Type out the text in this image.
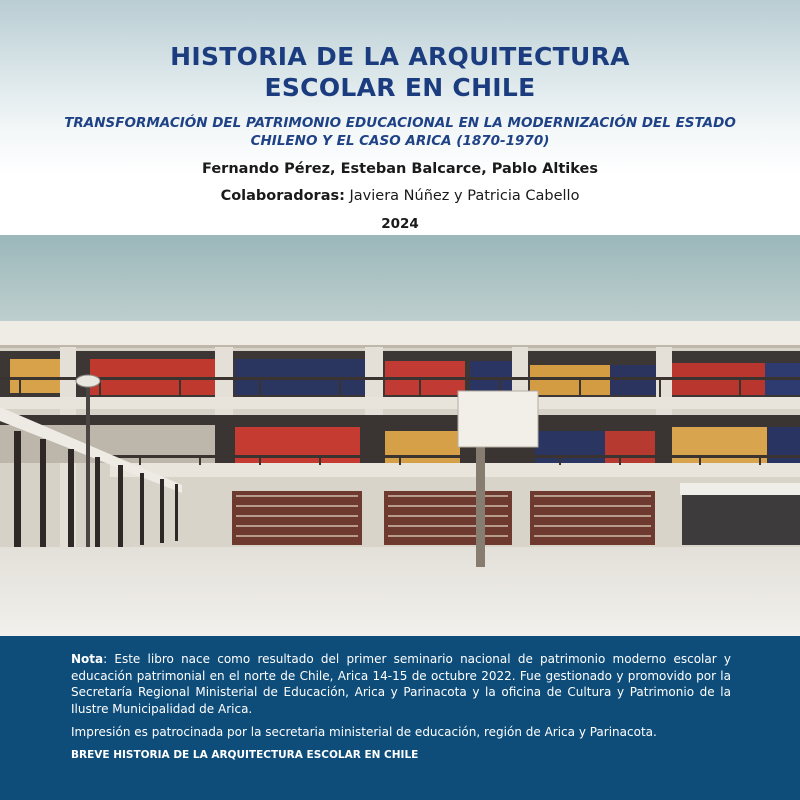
HISTORIA DE LA ARQUITECTURA
ESCOLAR EN CHILE
TRANSFORMACIÓN DEL PATRIMONIO EDUCACIONAL EN LA MODERNIZACIÓN DEL ESTADO
CHILENO Y EL CASO ARICA (1870-1970)
Fernando Pérez, Esteban Balcarce, Pablo Altikes
Colaboradoras: Javiera Núñez y Patricia Cabello
2024

Nota: Este libro nace como resultado del primer seminario nacional de patrimonio moderno escolar y educación patrimonial en el norte de Chile, Arica 14-15 de octubre 2022. Fue gestionado y promovido por la Secretaría Regional Ministerial de Educación, Arica y Parinacota y la oficina de Cultura y Patrimonio de la Ilustre Municipalidad de Arica.

Impresión es patrocinada por la secretaria ministerial de educación, región de Arica y Parinacota.

BREVE HISTORIA DE LA ARQUITECTURA ESCOLAR EN CHILE
